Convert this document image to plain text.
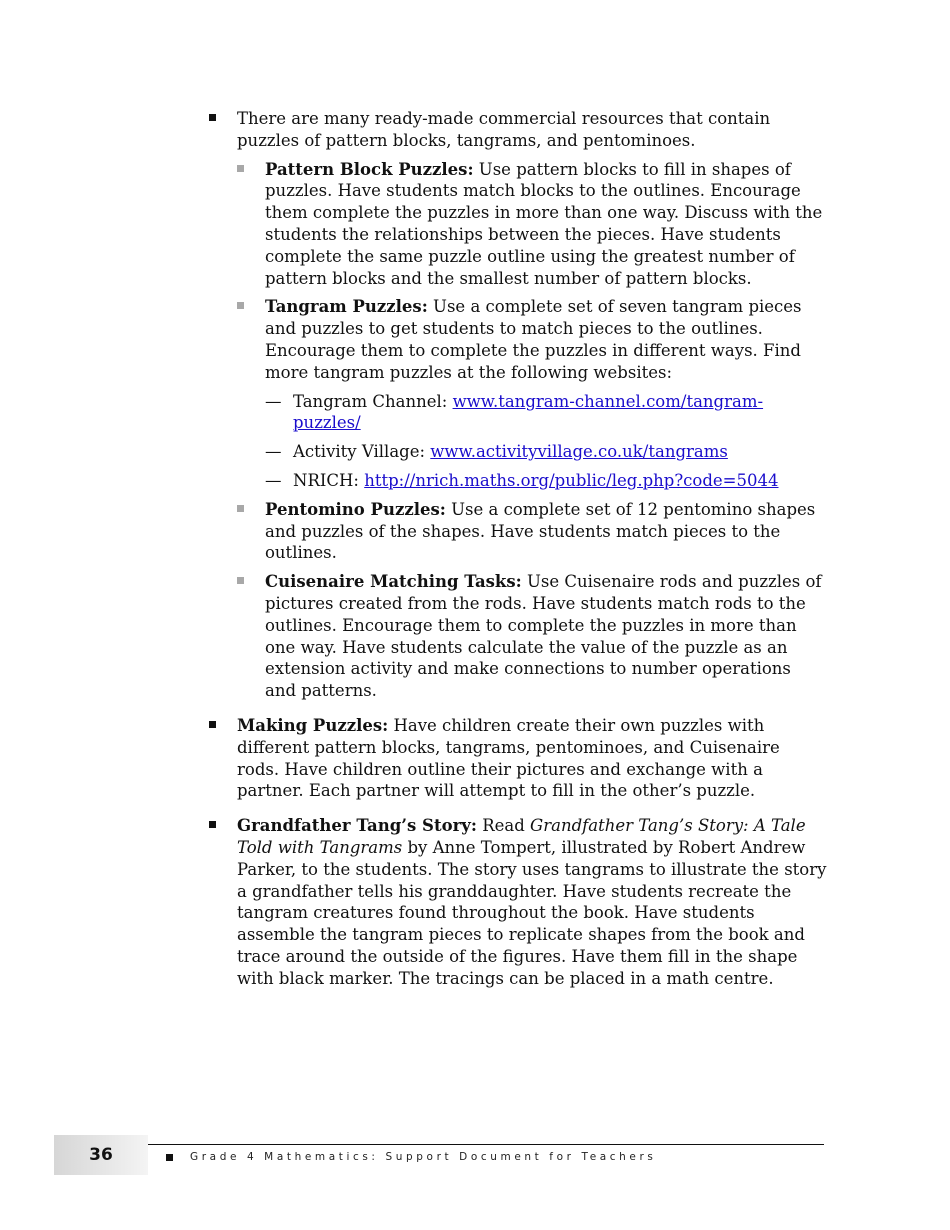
There are many ready-made commercial resources that contain puzzles of pattern blocks, tangrams, and pentominoes.
Pattern Block Puzzles: Use pattern blocks to fill in shapes of puzzles. Have students match blocks to the outlines. Encourage them complete the puzzles in more than one way. Discuss with the students the relationships between the pieces. Have students complete the same puzzle outline using the greatest number of pattern blocks and the smallest number of pattern blocks.
Tangram Puzzles: Use a complete set of seven tangram pieces and puzzles to get students to match pieces to the outlines. Encourage them to complete the puzzles in different ways. Find more tangram puzzles at the following websites:
— Tangram Channel: www.tangram-channel.com/tangram-puzzles/
— Activity Village: www.activityvillage.co.uk/tangrams
— NRICH: http://nrich.maths.org/public/leg.php?code=5044
Pentomino Puzzles: Use a complete set of 12 pentomino shapes and puzzles of the shapes. Have students match pieces to the outlines.
Cuisenaire Matching Tasks: Use Cuisenaire rods and puzzles of pictures created from the rods. Have students match rods to the outlines. Encourage them to complete the puzzles in more than one way. Have students calculate the value of the puzzle as an extension activity and make connections to number operations and patterns.
Making Puzzles: Have children create their own puzzles with different pattern blocks, tangrams, pentominoes, and Cuisenaire rods. Have children outline their pictures and exchange with a partner. Each partner will attempt to fill in the other’s puzzle.
Grandfather Tang’s Story: Read Grandfather Tang’s Story: A Tale Told with Tangrams by Anne Tompert, illustrated by Robert Andrew Parker, to the students. The story uses tangrams to illustrate the story a grandfather tells his granddaughter. Have students recreate the tangram creatures found throughout the book. Have students assemble the tangram pieces to replicate shapes from the book and trace around the outside of the figures. Have them fill in the shape with black marker. The tracings can be placed in a math centre.
36	Grade 4 Mathematics: Support Document for Teachers
